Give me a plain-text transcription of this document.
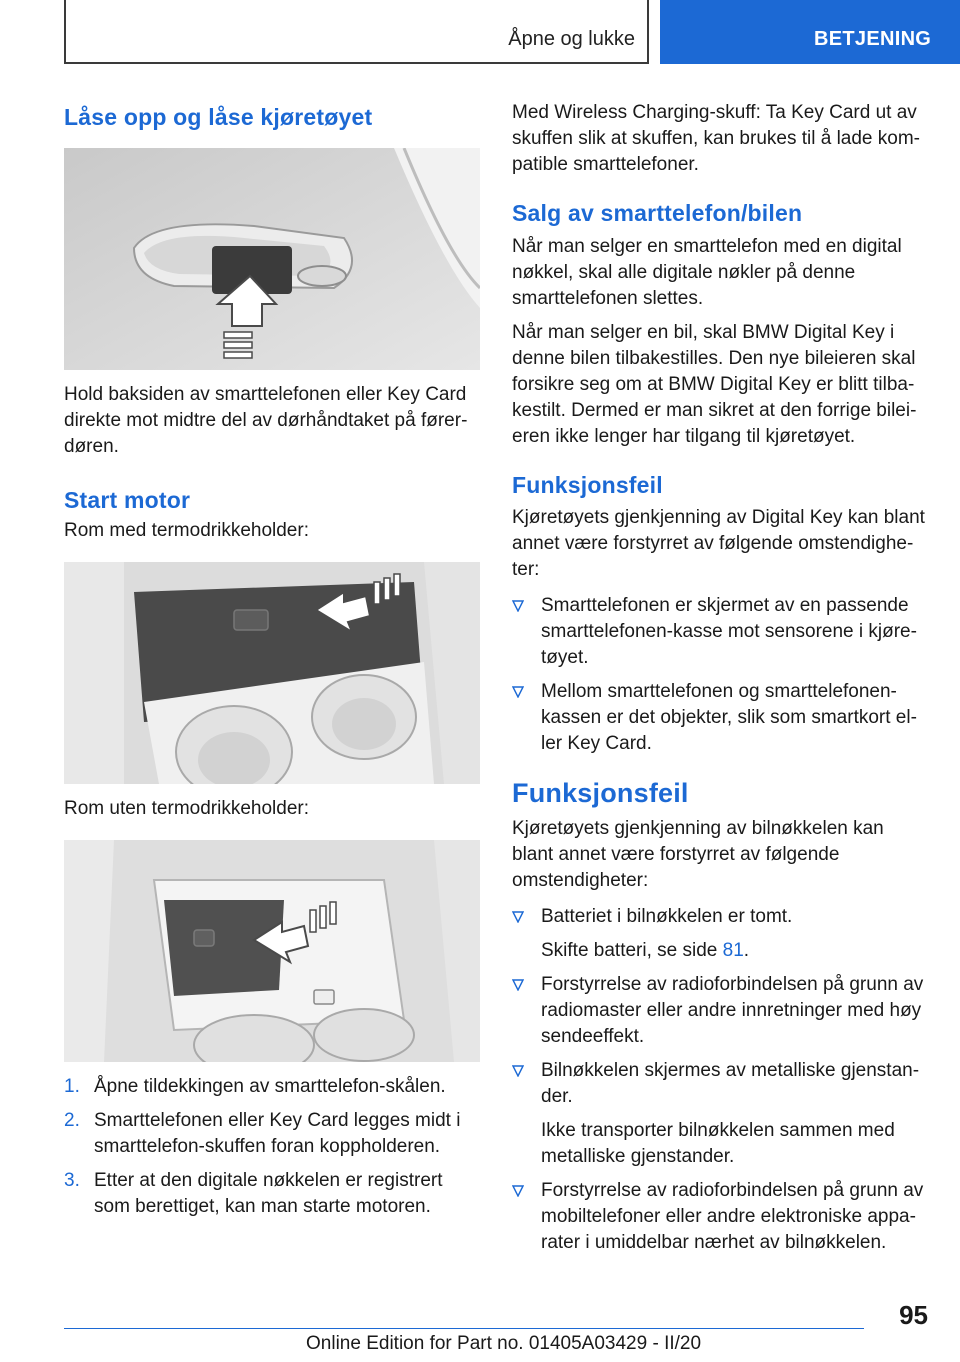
Åpne og lukke	BETJENING
Låse opp og låse kjøretøyet

Hold baksiden av smarttelefonen eller Key Card direkte mot midtre del av dørhåndtaket på førerdøren.

Start motor

Rom med termodrikkeholder:

Rom uten termodrikkeholder:

1. Åpne tildekkingen av smarttelefon-skålen.
2. Smarttelefonen eller Key Card legges midt i smarttelefon-skuffen foran koppholderen.
3. Etter at den digitale nøkkelen er registrert som berettiget, kan man starte motoren.

Med Wireless Charging-skuff: Ta Key Card ut av skuffen slik at skuffen, kan brukes til å lade kompatible smarttelefoner.

Salg av smarttelefon/bilen

Når man selger en smarttelefon med en digital nøkkel, skal alle digitale nøkler på denne smarttelefonen slettes.

Når man selger en bil, skal BMW Digital Key i denne bilen tilbakestilles. Den nye bileieren skal forsikre seg om at BMW Digital Key er blitt tilbakestilt. Dermed er man sikret at den forrige bileieren ikke lenger har tilgang til kjøretøyet.

Funksjonsfeil

Kjøretøyets gjenkjenning av Digital Key kan blant annet være forstyrret av følgende omstendigheter:

Smarttelefonen er skjermet av en passende smarttelefonen-kasse mot sensorene i kjøretøyet.
Mellom smarttelefonen og smarttelefonen-kassen er det objekter, slik som smartkort eller Key Card.
Funksjonsfeil

Kjøretøyets gjenkjenning av bilnøkkelen kan blant annet være forstyrret av følgende omstendigheter:

Batteriet i bilnøkkelen er tomt.
Skifte batteri, se side 81.
Forstyrrelse av radioforbindelsen på grunn av radiomaster eller andre innretninger med høy sendeeffekt.
Bilnøkkelen skjermes av metalliske gjenstander.
Ikke transporter bilnøkkelen sammen med metalliske gjenstander.
Forstyrrelse av radioforbindelsen på grunn av mobiltelefoner eller andre elektroniske apparater i umiddelbar nærhet av bilnøkkelen.
95
Online Edition for Part no. 01405A03429 - II/20
